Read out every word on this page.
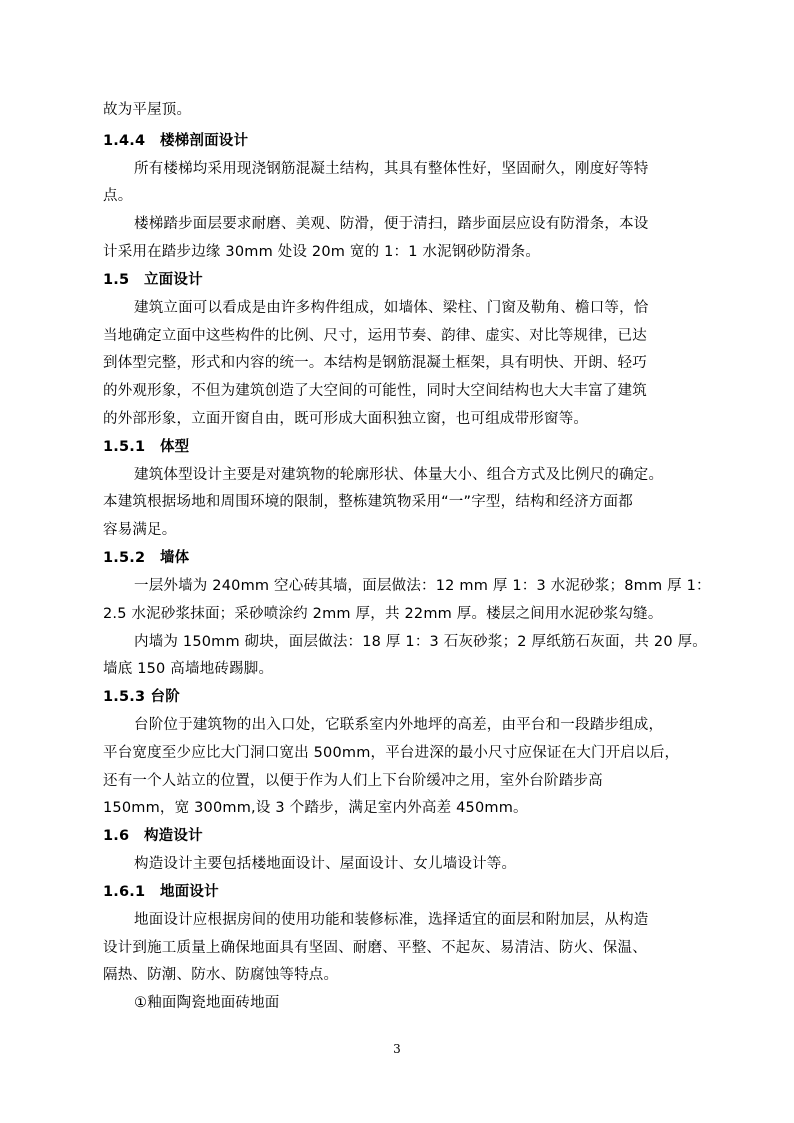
故为平屋顶。
1.4.4　楼梯剖面设计
所有楼梯均采用现浇钢筋混凝土结构，其具有整体性好，坚固耐久，刚度好等特
点。
楼梯踏步面层要求耐磨、美观、防滑，便于清扫，踏步面层应设有防滑条，本设
计采用在踏步边缘 30mm 处设 20m 宽的 1：1 水泥钢砂防滑条。
1.5　立面设计
建筑立面可以看成是由许多构件组成，如墙体、梁柱、门窗及勒角、檐口等，恰
当地确定立面中这些构件的比例、尺寸，运用节奏、韵律、虚实、对比等规律，已达
到体型完整，形式和内容的统一。本结构是钢筋混凝土框架，具有明快、开朗、轻巧
的外观形象，不但为建筑创造了大空间的可能性，同时大空间结构也大大丰富了建筑
的外部形象，立面开窗自由，既可形成大面积独立窗，也可组成带形窗等。
1.5.1　体型
建筑体型设计主要是对建筑物的轮廓形状、体量大小、组合方式及比例尺的确定。
本建筑根据场地和周围环境的限制，整栋建筑物采用“一”字型，结构和经济方面都
容易满足。
1.5.2　墙体
一层外墙为 240mm 空心砖其墙，面层做法：12 mm 厚 1：3 水泥砂浆；8mm 厚 1：
2.5 水泥砂浆抹面；采砂喷涂约 2mm 厚，共 22mm 厚。楼层之间用水泥砂浆勾缝。
内墙为 150mm 砌块，面层做法：18 厚 1：3 石灰砂浆；2 厚纸筋石灰面，共 20 厚。
墙底 150 高墙地砖踢脚。
1.5.3 台阶
台阶位于建筑物的出入口处，它联系室内外地坪的高差，由平台和一段踏步组成，
平台宽度至少应比大门洞口宽出 500mm，平台进深的最小尺寸应保证在大门开启以后，
还有一个人站立的位置，以便于作为人们上下台阶缓冲之用，室外台阶踏步高
150mm，宽 300mm,设 3 个踏步，满足室内外高差 450mm。
1.6　构造设计
构造设计主要包括楼地面设计、屋面设计、女儿墙设计等。
1.6.1　地面设计
地面设计应根据房间的使用功能和装修标准，选择适宜的面层和附加层，从构造
设计到施工质量上确保地面具有坚固、耐磨、平整、不起灰、易清洁、防火、保温、
隔热、防潮、防水、防腐蚀等特点。
①釉面陶瓷地面砖地面
3
